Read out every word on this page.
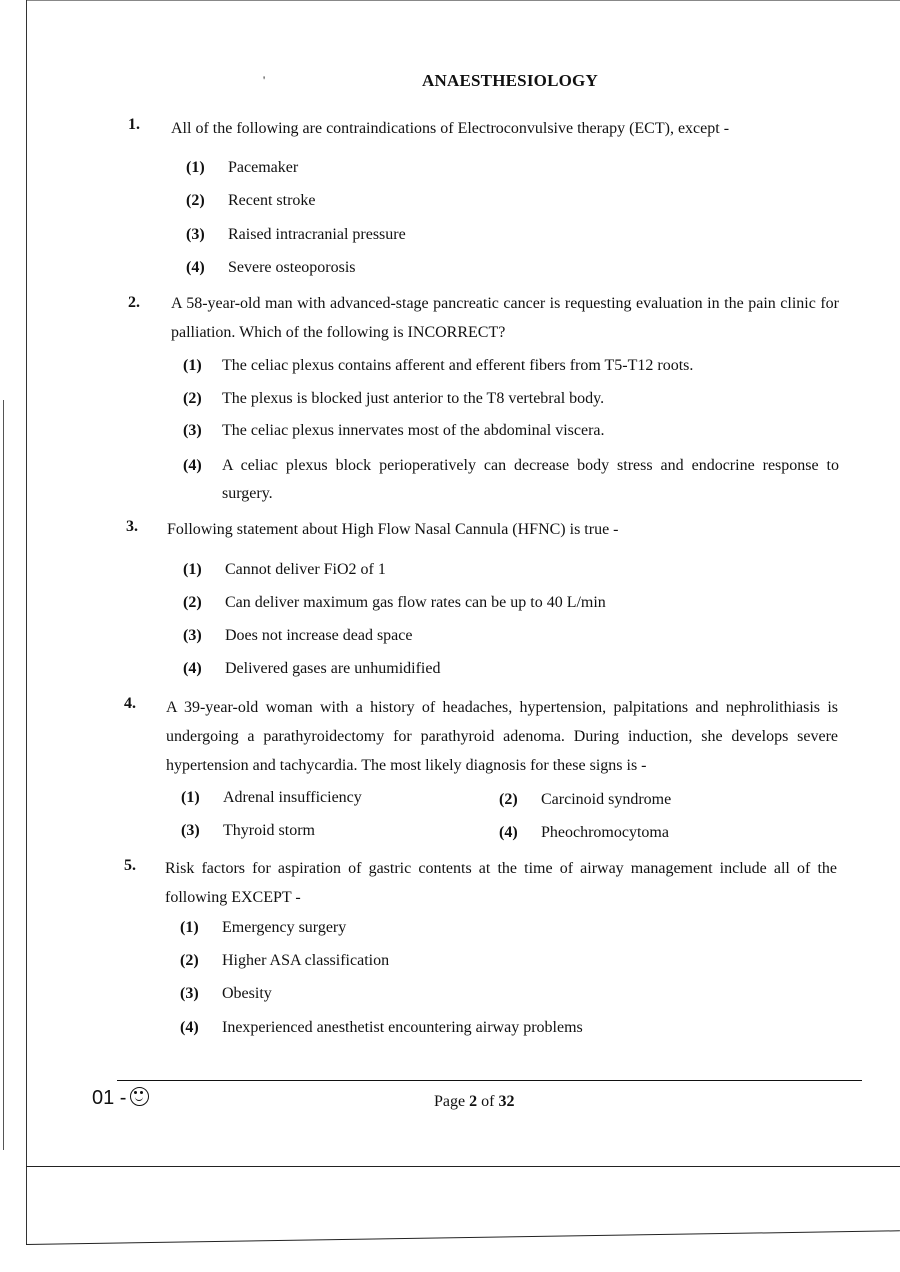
'	ANAESTHESIOLOGY
1. All of the following are contraindications of Electroconvulsive therapy (ECT), except -
(1) Pacemaker
(2) Recent stroke
(3) Raised intracranial pressure
(4) Severe osteoporosis
2. A 58-year-old man with advanced-stage pancreatic cancer is requesting evaluation in the pain clinic for palliation. Which of the following is INCORRECT?
(1) The celiac plexus contains afferent and efferent fibers from T5-T12 roots.
(2) The plexus is blocked just anterior to the T8 vertebral body.
(3) The celiac plexus innervates most of the abdominal viscera.
(4)	A celiac plexus block perioperatively can decrease body stress and endocrine response to surgery.
3. Following statement about High Flow Nasal Cannula (HFNC) is true -
(1) Cannot deliver FiO2 of 1
(2) Can deliver maximum gas flow rates can be up to 40 L/min
(3) Does not increase dead space
(4) Delivered gases are unhumidified
4. A 39-year-old woman with a history of headaches, hypertension, palpitations and nephrolithiasis is undergoing a parathyroidectomy for parathyroid adenoma. During induction, she develops severe hypertension and tachycardia. The most likely diagnosis for these signs is -
(1) Adrenal insufficiency	(2) Carcinoid syndrome
(3) Thyroid storm	(4) Pheochromocytoma
5. Risk factors for aspiration of gastric contents at the time of airway management include all of the following EXCEPT -
(1) Emergency surgery
(2) Higher ASA classification
(3) Obesity
(4) Inexperienced anesthetist encountering airway problems
01 -	Page 2 of 32
